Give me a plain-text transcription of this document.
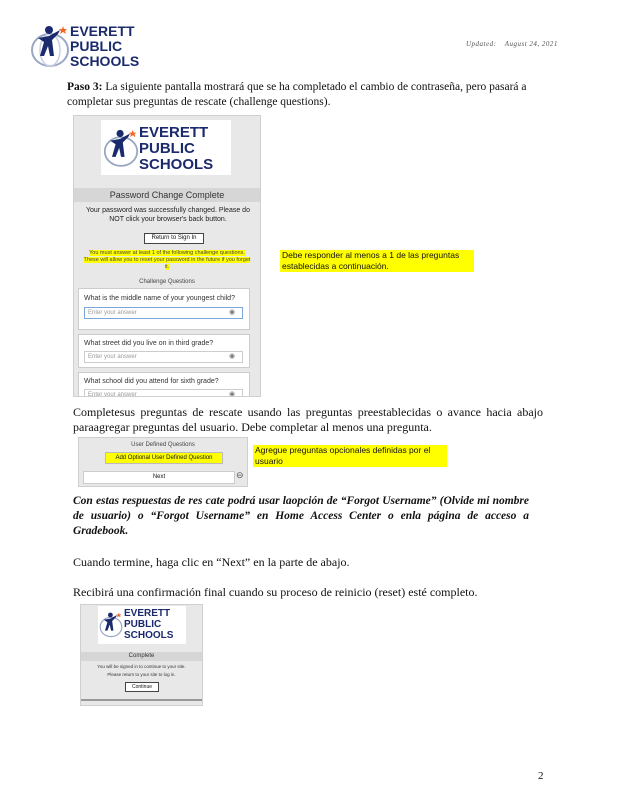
EVERETT
PUBLIC
SCHOOLS
Updated: August 24, 2021
Paso 3: La siguiente pantalla mostrará que se ha completado el cambio de contraseña, pero pasará a completar sus preguntas de rescate (challenge questions).
EVERETT
PUBLIC
SCHOOLS
Password Change Complete
Your password was successfully changed. Please do NOT click your browser's back button.
Return to Sign In
You must answer at least 1 of the following challenge questions. These will allow you to reset your password in the future if you forget it.
Challenge Questions
What is the middle name of your youngest child?
Enter your answer	◉
What street did you live on in third grade?
Enter your answer	◉
What school did you attend for sixth grade?
Enter your answer	◉
Debe responder al menos a 1 de las preguntas establecidas a continuación.
Completesus preguntas de rescate usando las preguntas preestablecidas o avance hacia abajo paraagregar preguntas del usuario. Debe completar al menos una pregunta.
User Defined Questions
Add Optional User Defined Question
Next	⊖
Agregue preguntas opcionales definidas por el usuario
Con estas respuestas de res cate podrá usar laopción de “Forgot Username” (Olvide mi nombre de usuario) o “Forgot Username” en Home Access Center o enla página de acceso a Gradebook.
Cuando termine, haga clic en “Next” en la parte de abajo.
Recibirá una confirmación final cuando su proceso de reinicio (reset) esté completo.
EVERETT
PUBLIC
SCHOOLS
Complete
You will be signed in to continue to your site.
Please return to your site to log in.
Continue
2
